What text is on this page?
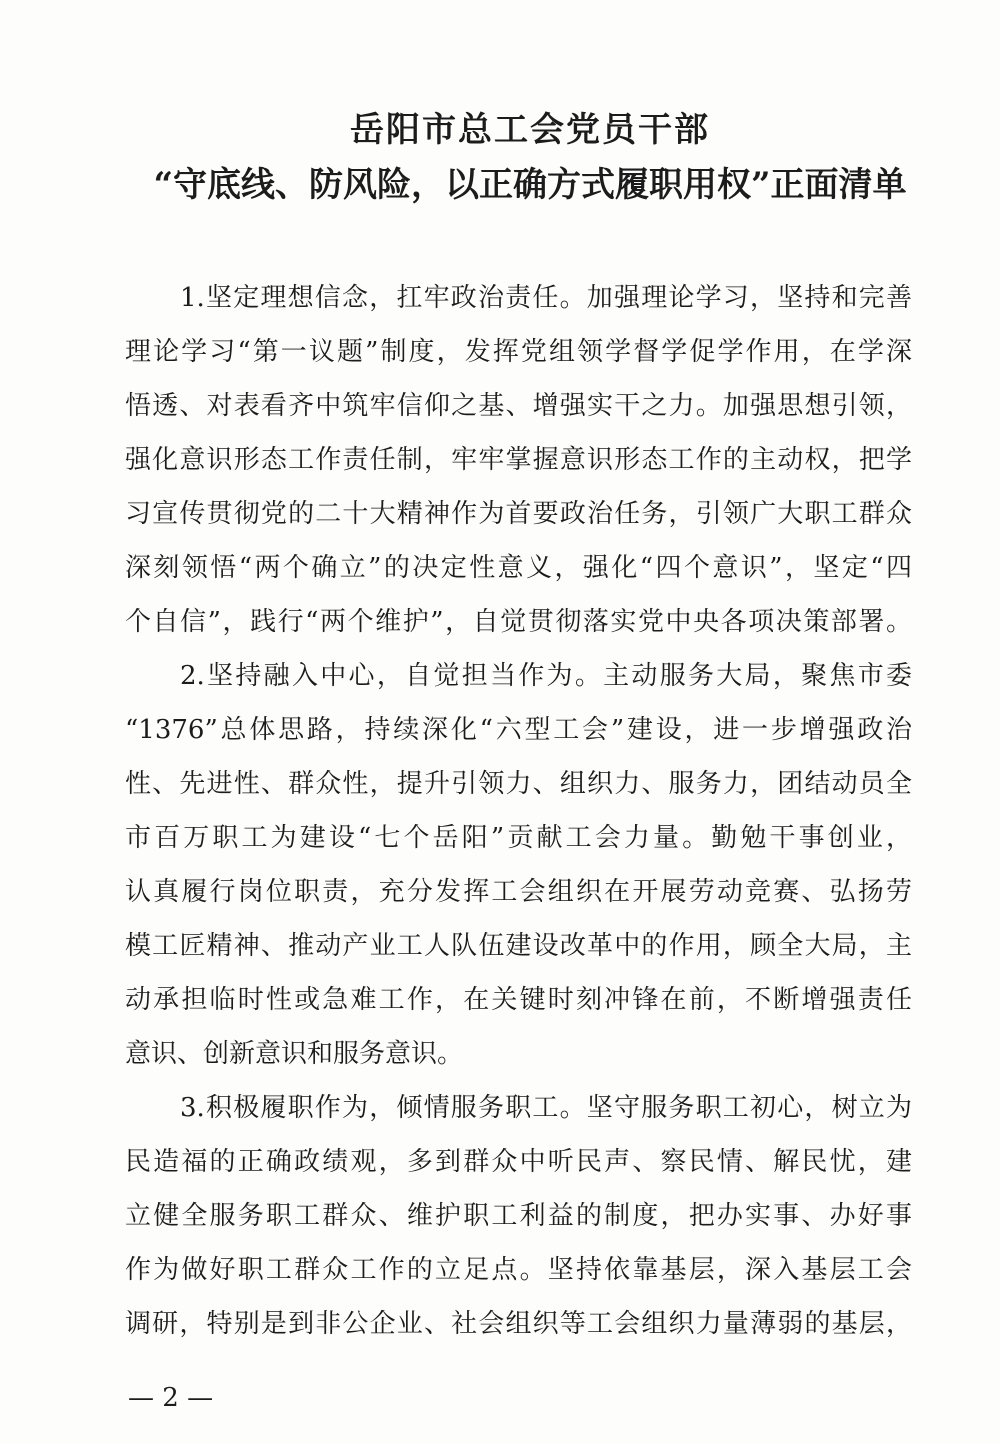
岳阳市总工会党员干部
“守底线、防风险，以正确方式履职用权”正面清单
1.坚定理想信念，扛牢政治责任。加强理论学习，坚持和完善
理论学习“第一议题”制度，发挥党组领学督学促学作用，在学深
悟透、对表看齐中筑牢信仰之基、增强实干之力。加强思想引领，
强化意识形态工作责任制，牢牢掌握意识形态工作的主动权，把学
习宣传贯彻党的二十大精神作为首要政治任务，引领广大职工群众
深刻领悟“两个确立”的决定性意义，强化“四个意识”，坚定“四
个自信”，践行“两个维护”，自觉贯彻落实党中央各项决策部署。
2.坚持融入中心，自觉担当作为。主动服务大局，聚焦市委
“1376”总体思路，持续深化“六型工会”建设，进一步增强政治
性、先进性、群众性，提升引领力、组织力、服务力，团结动员全
市百万职工为建设“七个岳阳”贡献工会力量。勤勉干事创业，
认真履行岗位职责，充分发挥工会组织在开展劳动竞赛、弘扬劳
模工匠精神、推动产业工人队伍建设改革中的作用，顾全大局，主
动承担临时性或急难工作，在关键时刻冲锋在前，不断增强责任
意识、创新意识和服务意识。
3.积极履职作为，倾情服务职工。坚守服务职工初心，树立为
民造福的正确政绩观，多到群众中听民声、察民情、解民忧，建
立健全服务职工群众、维护职工利益的制度，把办实事、办好事
作为做好职工群众工作的立足点。坚持依靠基层，深入基层工会
调研，特别是到非公企业、社会组织等工会组织力量薄弱的基层，
— 2 —
